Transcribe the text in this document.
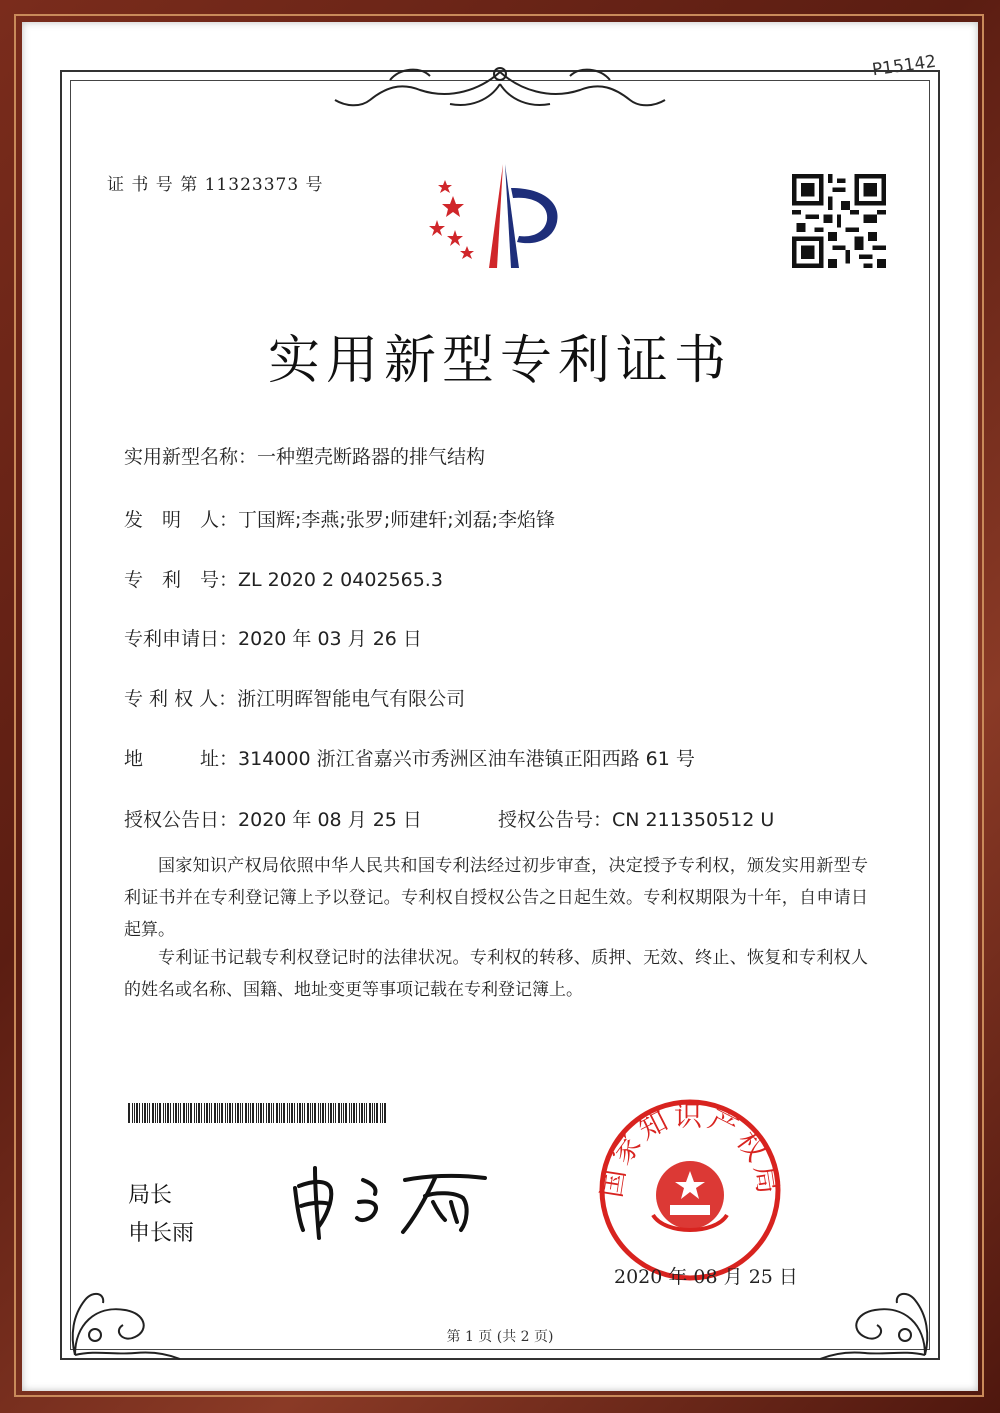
P15142
证 书 号 第 11323373 号
实用新型专利证书
实用新型名称：一种塑壳断路器的排气结构
发　明　人：丁国辉;李燕;张罗;师建轩;刘磊;李焰锋
专　利　号：ZL 2020 2 0402565.3
专利申请日：2020 年 03 月 26 日
专 利 权 人：浙江明晖智能电气有限公司
地　　　址：314000 浙江省嘉兴市秀洲区油车港镇正阳西路 61 号
授权公告日：2020 年 08 月 25 日	授权公告号：CN 211350512 U
国家知识产权局依照中华人民共和国专利法经过初步审查，决定授予专利权，颁发实用新型专利证书并在专利登记簿上予以登记。专利权自授权公告之日起生效。专利权期限为十年，自申请日起算。
专利证书记载专利权登记时的法律状况。专利权的转移、质押、无效、终止、恢复和专利权人的姓名或名称、国籍、地址变更等事项记载在专利登记簿上。
局长
申长雨
国家知识产权局
2020 年 08 月 25 日
第 1 页 (共 2 页)
